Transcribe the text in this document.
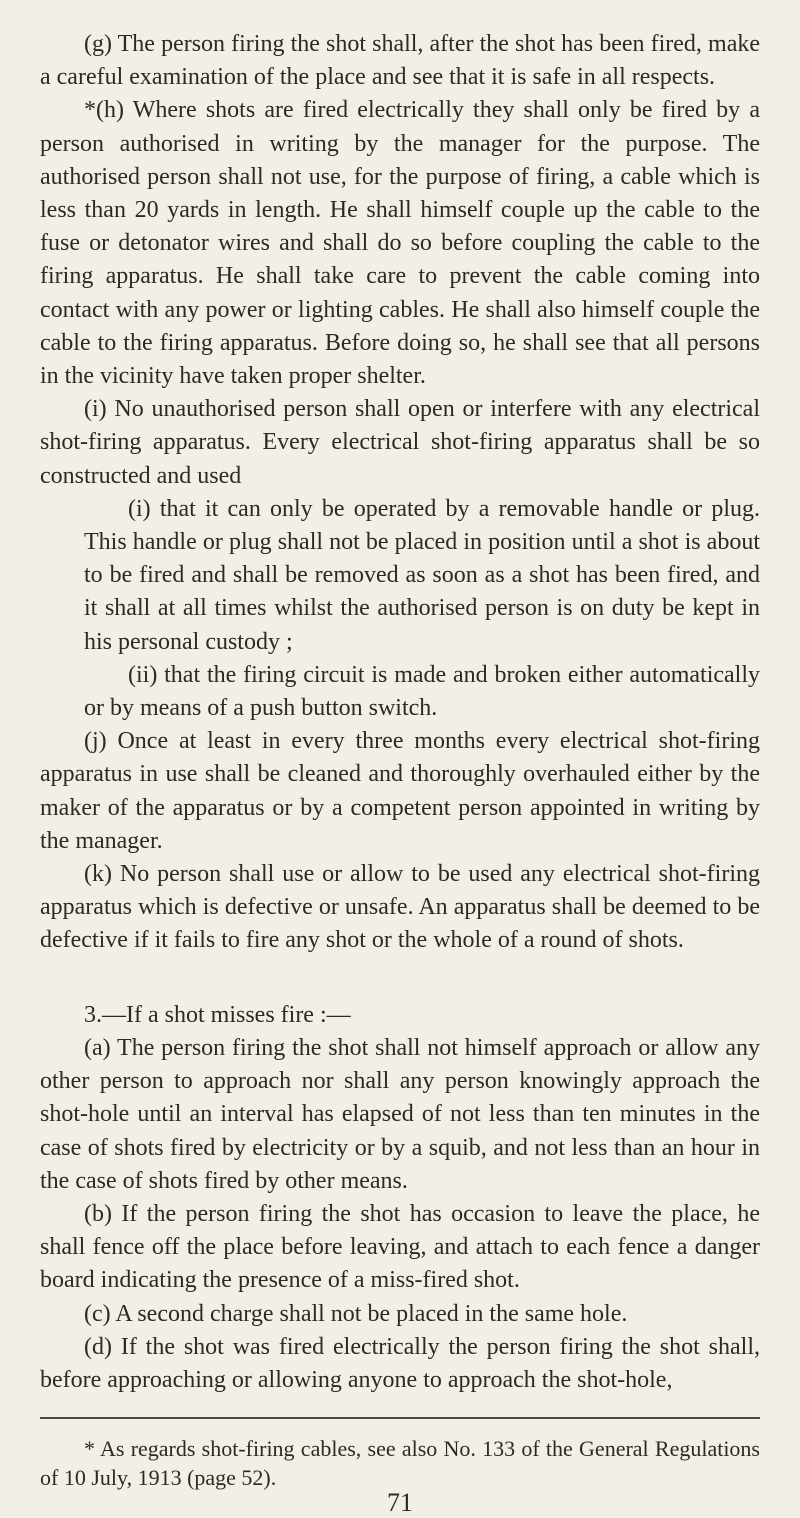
(g) The person firing the shot shall, after the shot has been fired, make a careful examination of the place and see that it is safe in all respects.

*(h) Where shots are fired electrically they shall only be fired by a person authorised in writing by the manager for the purpose. The authorised person shall not use, for the purpose of firing, a cable which is less than 20 yards in length. He shall himself couple up the cable to the fuse or detonator wires and shall do so before coupling the cable to the firing apparatus. He shall take care to prevent the cable coming into contact with any power or lighting cables. He shall also himself couple the cable to the firing apparatus. Before doing so, he shall see that all persons in the vicinity have taken proper shelter.

(i) No unauthorised person shall open or interfere with any electrical shot-firing apparatus. Every electrical shot-firing apparatus shall be so constructed and used

(i) that it can only be operated by a removable handle or plug. This handle or plug shall not be placed in position until a shot is about to be fired and shall be removed as soon as a shot has been fired, and it shall at all times whilst the authorised person is on duty be kept in his personal custody ;

(ii) that the firing circuit is made and broken either automatically or by means of a push button switch.

(j) Once at least in every three months every electrical shot-firing apparatus in use shall be cleaned and thoroughly overhauled either by the maker of the apparatus or by a competent person appointed in writing by the manager.

(k) No person shall use or allow to be used any electrical shot-firing apparatus which is defective or unsafe. An apparatus shall be deemed to be defective if it fails to fire any shot or the whole of a round of shots.

3.—If a shot misses fire :—

(a) The person firing the shot shall not himself approach or allow any other person to approach nor shall any person knowingly approach the shot-hole until an interval has elapsed of not less than ten minutes in the case of shots fired by electricity or by a squib, and not less than an hour in the case of shots fired by other means.

(b) If the person firing the shot has occasion to leave the place, he shall fence off the place before leaving, and attach to each fence a danger board indicating the presence of a miss-fired shot.

(c) A second charge shall not be placed in the same hole.

(d) If the shot was fired electrically the person firing the shot shall, before approaching or allowing anyone to approach the shot-hole,

* As regards shot-firing cables, see also No. 133 of the General Regulations of 10 July, 1913 (page 52).

71
